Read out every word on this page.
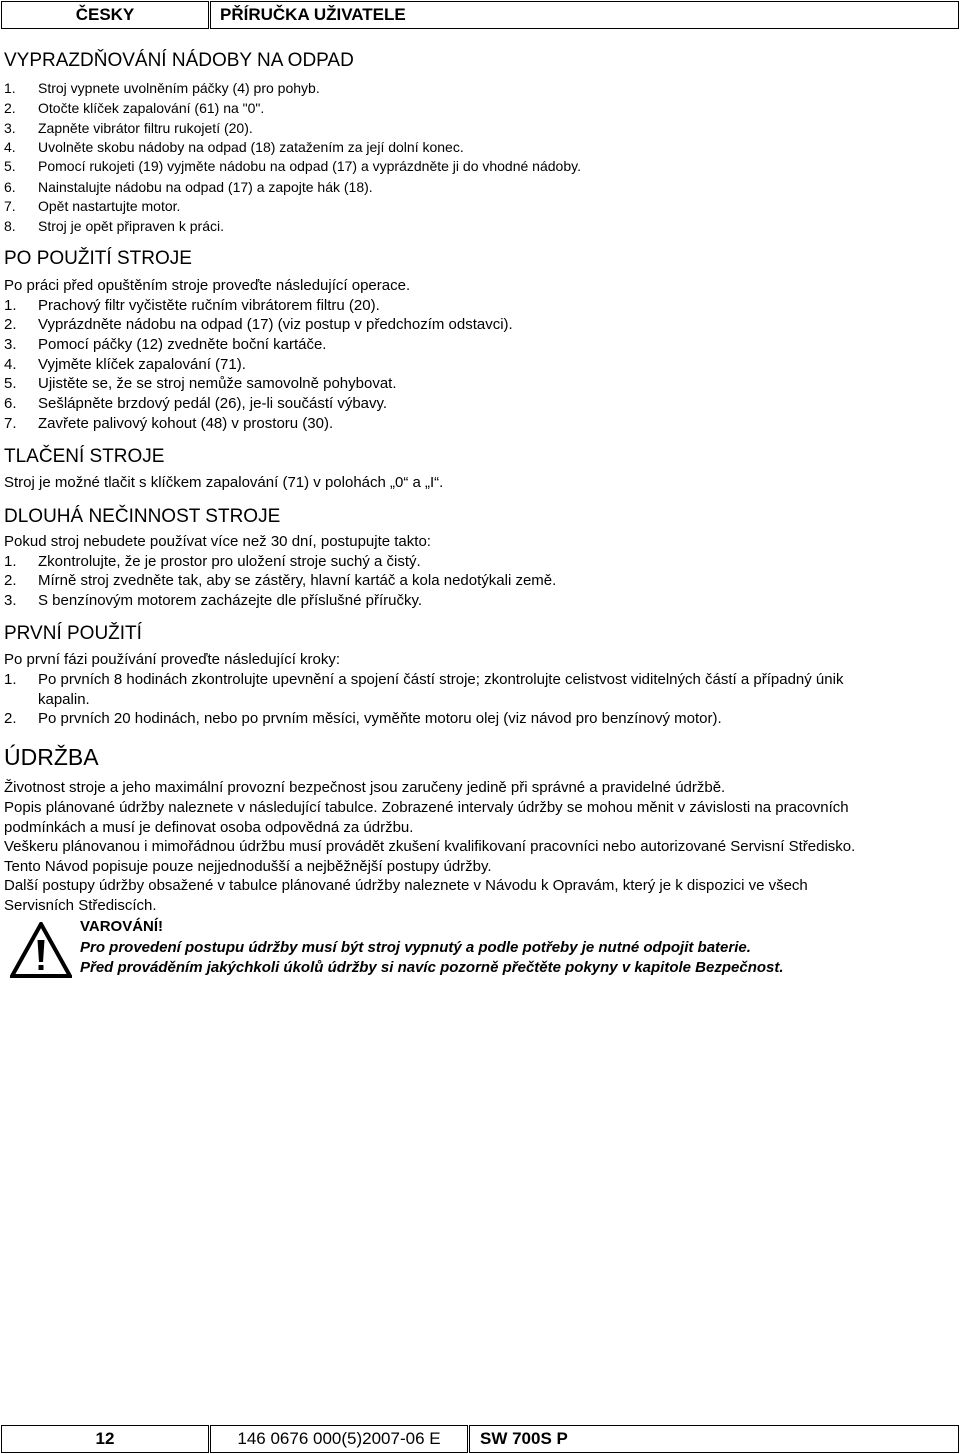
ČESKY	PŘÍRUČKA UŽIVATELE
VYPRAZDŇOVÁNÍ NÁDOBY NA ODPAD
1. Stroj vypnete uvolněním páčky (4) pro pohyb.
2. Otočte klíček zapalování (61) na "0".
3. Zapněte vibrátor filtru rukojetí (20).
4. Uvolněte skobu nádoby na odpad (18) zatažením za její dolní konec.
5. Pomocí rukojeti (19) vyjměte nádobu na odpad (17) a vyprázdněte ji do vhodné nádoby.
6. Nainstalujte nádobu na odpad (17) a zapojte hák (18).
7. Opět nastartujte motor.
8. Stroj je opět připraven k práci.
PO POUŽITÍ STROJE

Po práci před opuštěním stroje proveďte následující operace.

1. Prachový filtr vyčistěte ručním vibrátorem filtru (20).
2. Vyprázdněte nádobu na odpad (17) (viz postup v předchozím odstavci).
3. Pomocí páčky (12) zvedněte boční kartáče.
4. Vyjměte klíček zapalování (71).
5. Ujistěte se, že se stroj nemůže samovolně pohybovat.
6. Sešlápněte brzdový pedál (26), je-li součástí výbavy.
7. Zavřete palivový kohout (48) v prostoru (30).
TLAČENÍ STROJE

Stroj je možné tlačit s klíčkem zapalování (71) v polohách „0“ a „I“.

DLOUHÁ NEČINNOST STROJE

Pokud stroj nebudete používat více než 30 dní, postupujte takto:

1. Zkontrolujte, že je prostor pro uložení stroje suchý a čistý.
2. Mírně stroj zvedněte tak, aby se zástěry, hlavní kartáč a kola nedotýkali země.
3. S benzínovým motorem zacházejte dle příslušné příručky.
PRVNÍ POUŽITÍ

Po první fázi používání proveďte následující kroky:

1. Po prvních 8 hodinách zkontrolujte upevnění a spojení částí stroje; zkontrolujte celistvost viditelných částí a případný únik
kapalin.
2. Po prvních 20 hodinách, nebo po prvním měsíci, vyměňte motoru olej (viz návod pro benzínový motor).
ÚDRŽBA

Životnost stroje a jeho maximální provozní bezpečnost jsou zaručeny jedině při správné a pravidelné údržbě.

Popis plánované údržby naleznete v následující tabulce. Zobrazené intervaly údržby se mohou měnit v závislosti na pracovních

podmínkách a musí je definovat osoba odpovědná za údržbu.

Veškeru plánovanou i mimořádnou údržbu musí provádět zkušení kvalifikovaní pracovníci nebo autorizované Servisní Středisko.

Tento Návod popisuje pouze nejjednodušší a nejběžnější postupy údržby.

Další postupy údržby obsažené v tabulce plánované údržby naleznete v Návodu k Opravám, který je k dispozici ve všech

Servisních Střediscích.

VAROVÁNÍ!
Pro provedení postupu údržby musí být stroj vypnutý a podle potřeby je nutné odpojit baterie.
Před prováděním jakýchkoli úkolů údržby si navíc pozorně přečtěte pokyny v kapitole Bezpečnost.
12	146 0676 000(5)2007-06 E	SW 700S P
